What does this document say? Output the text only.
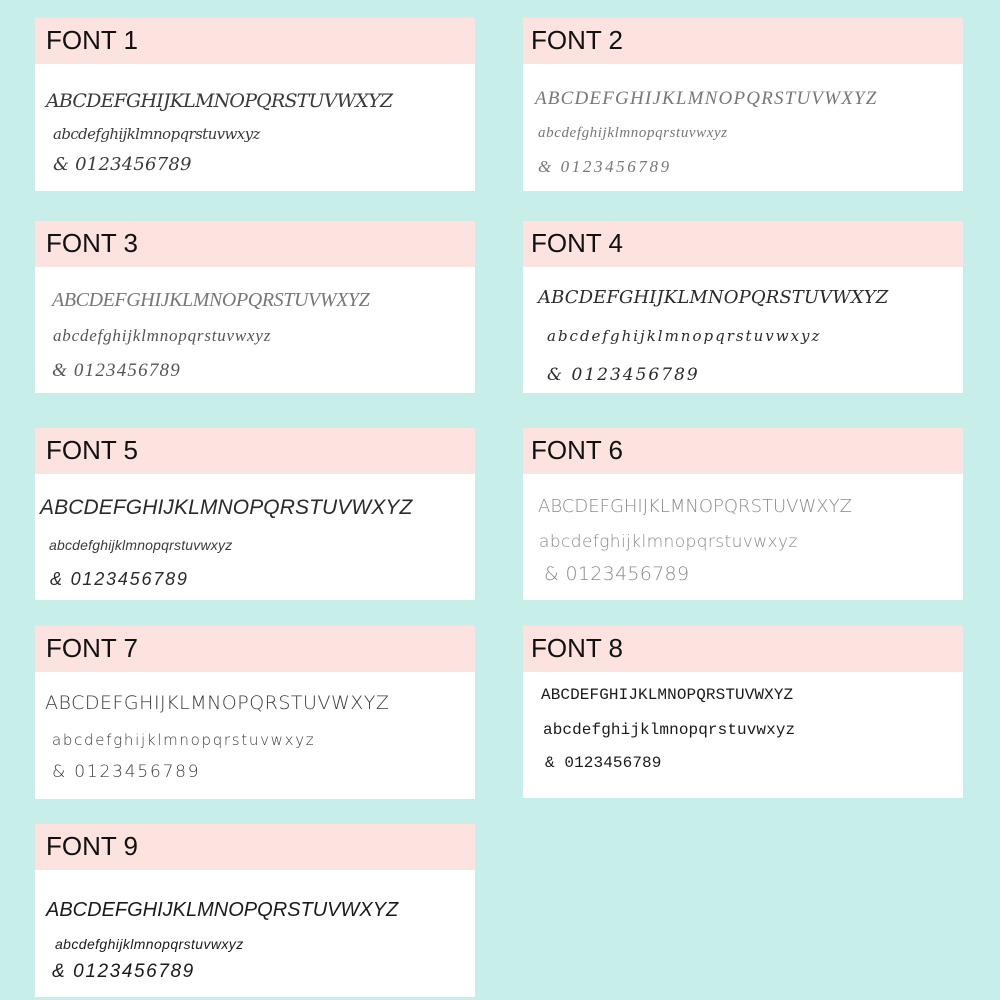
FONT 1
ABCDEFGHIJKLMNOPQRSTUVWXYZ
abcdefghijklmnopqrstuvwxyz
& 0123456789
FONT 2
ABCDEFGHIJKLMNOPQRSTUVWXYZ
abcdefghijklmnopqrstuvwxyz
& 0123456789
FONT 3
ABCDEFGHIJKLMNOPQRSTUVWXYZ
abcdefghijklmnopqrstuvwxyz
& 0123456789
FONT 4
ABCDEFGHIJKLMNOPQRSTUVWXYZ
abcdefghijklmnopqrstuvwxyz
& 0123456789
FONT 5
ABCDEFGHIJKLMNOPQRSTUVWXYZ
abcdefghijklmnopqrstuvwxyz
& 0123456789
FONT 6
ABCDEFGHIJKLMNOPQRSTUVWXYZ
abcdefghijklmnopqrstuvwxyz
& 0123456789
FONT 7
ABCDEFGHIJKLMNOPQRSTUVWXYZ
abcdefghijklmnopqrstuvwxyz
& 0123456789
FONT 8
ABCDEFGHIJKLMNOPQRSTUVWXYZ
abcdefghijklmnopqrstuvwxyz
& 0123456789
FONT 9
ABCDEFGHIJKLMNOPQRSTUVWXYZ
abcdefghijklmnopqrstuvwxyz
& 0123456789
